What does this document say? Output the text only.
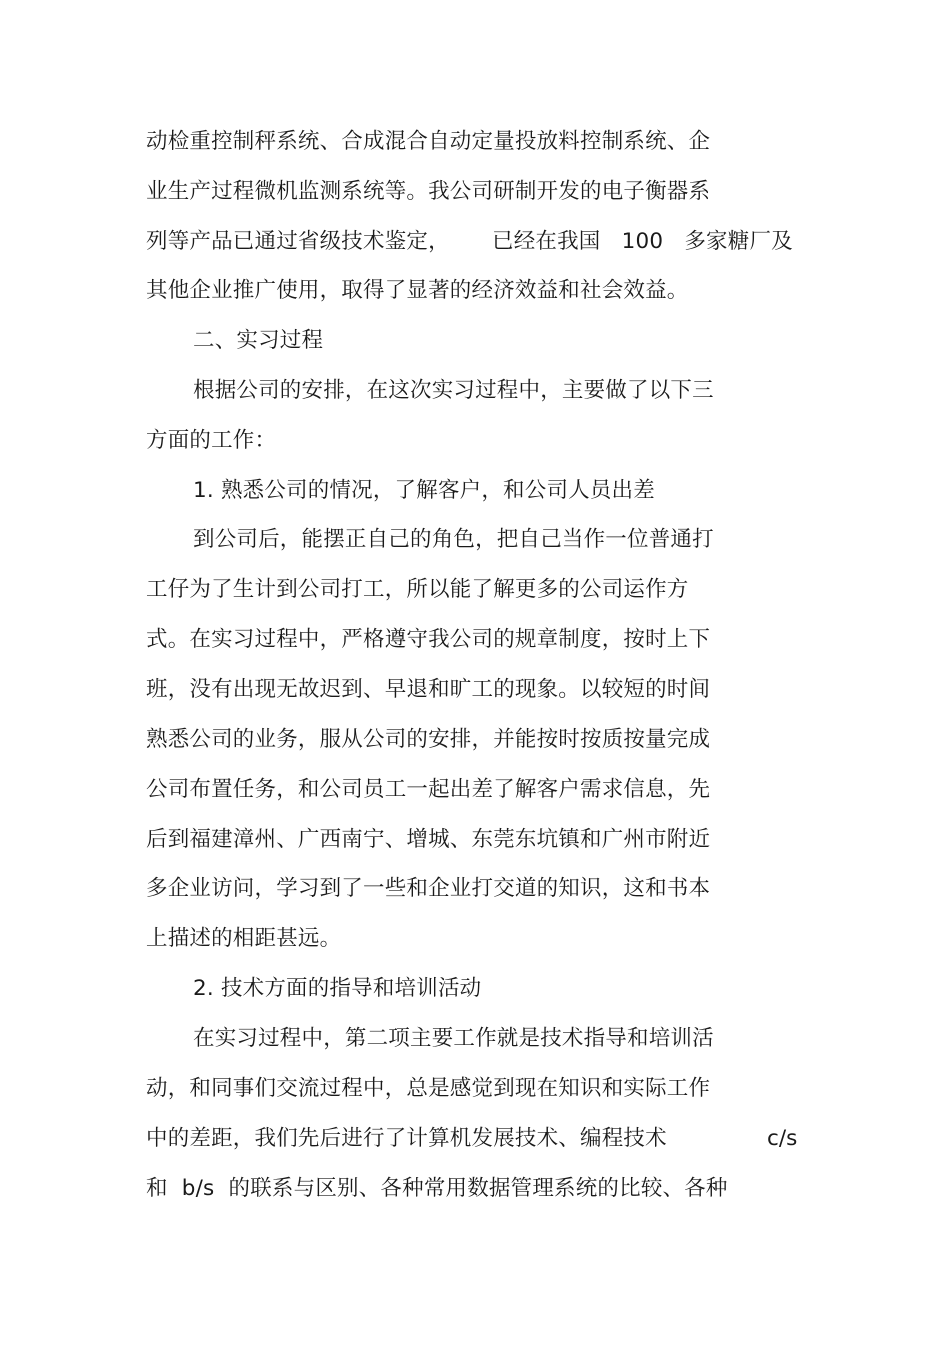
动检重控制秤系统、合成混合自动定量投放料控制系统、企
业生产过程微机监测系统等。我公司研制开发的电子衡器系
列等产品已通过省级技术鉴定，      已经在我国   100   多家糖厂及
其他企业推广使用，取得了显著的经济效益和社会效益。
二、实习过程
根据公司的安排，在这次实习过程中，主要做了以下三
方面的工作：
1. 熟悉公司的情况，了解客户，和公司人员出差
到公司后，能摆正自己的角色，把自己当作一位普通打
工仔为了生计到公司打工，所以能了解更多的公司运作方
式。在实习过程中，严格遵守我公司的规章制度，按时上下
班，没有出现无故迟到、早退和旷工的现象。以较短的时间
熟悉公司的业务，服从公司的安排，并能按时按质按量完成
公司布置任务，和公司员工一起出差了解客户需求信息，先
后到福建漳州、广西南宁、增城、东莞东坑镇和广州市附近
多企业访问，学习到了一些和企业打交道的知识，这和书本
上描述的相距甚远。
2. 技术方面的指导和培训活动
在实习过程中，第二项主要工作就是技术指导和培训活
动，和同事们交流过程中，总是感觉到现在知识和实际工作
中的差距，我们先后进行了计算机发展技术、编程技术	c/s
和  b/s  的联系与区别、各种常用数据管理系统的比较、各种
